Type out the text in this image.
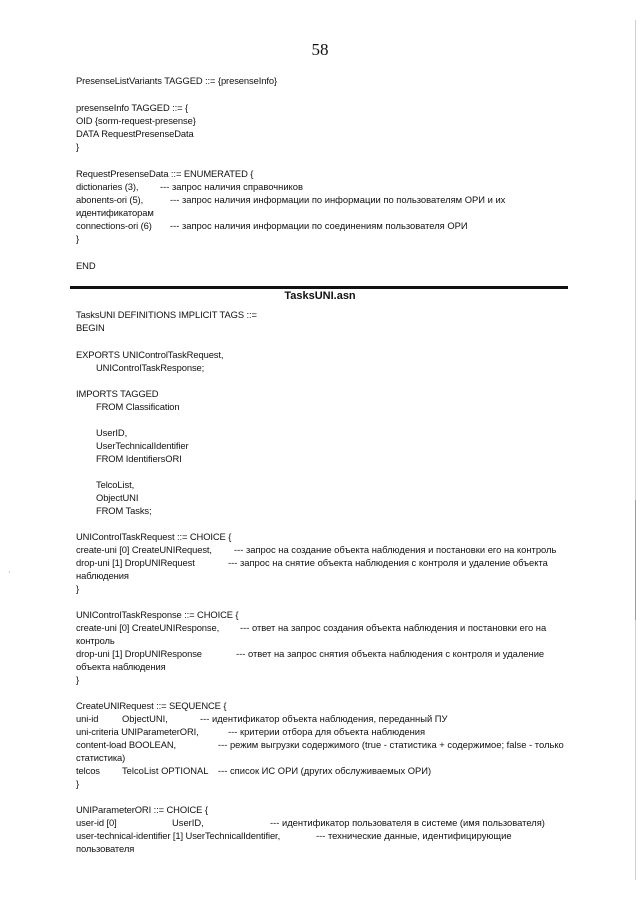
58
PresenseListVariants TAGGED ::= {presenseInfo}
presenseInfo TAGGED ::= {
OID {sorm-request-presense}
DATA RequestPresenseData
}
RequestPresenseData ::= ENUMERATED {
dictionaries (3), --- запрос наличия справочников
abonents-ori (5),	--- запрос наличия информации по информации по пользователям ОРИ и их
идентификаторам
connections-ori (6) --- запрос наличия информации по соединениям пользователя ОРИ
}
END
TasksUNI.asn
TasksUNI DEFINITIONS IMPLICIT TAGS ::=
BEGIN
EXPORTS UNIControlTaskRequest,
UNIControlTaskResponse;
IMPORTS TAGGED
FROM Classification
UserID,
UserTechnicalIdentifier
FROM IdentifiersORI
TelcoList,
ObjectUNI
FROM Tasks;
UNIControlTaskRequest ::= CHOICE {
create-uni [0] CreateUNIRequest, --- запрос на создание объекта наблюдения и постановки его на контроль
drop-uni [1] DropUNIRequest	--- запрос на снятие объекта наблюдения с контроля и удаление объекта
наблюдения
}
UNIControlTaskResponse ::= CHOICE {
create-uni [0] CreateUNIResponse, --- ответ на запрос создания объекта наблюдения и постановки его на
контроль
drop-uni [1] DropUNIResponse	--- ответ на запрос снятия объекта наблюдения с контроля и удаление
объекта наблюдения
}
CreateUNIRequest ::= SEQUENCE {
uni-id	ObjectUNI,	--- идентификатор объекта наблюдения, переданный ПУ
uni-criteria UNIParameterORI,	--- критерии отбора для объекта наблюдения
content-load BOOLEAN,	--- режим выгрузки содержимого (true - статистика + содержимое; false - только
статистика)
telcos TelcoList OPTIONAL --- список ИС ОРИ (других обслуживаемых ОРИ)
}
UNIParameterORI ::= CHOICE {
user-id [0]	UserID,	--- идентификатор пользователя в системе (имя пользователя)
user-technical-identifier [1] UserTechnicalIdentifier,	--- технические данные, идентифицирующие
пользователя
·
